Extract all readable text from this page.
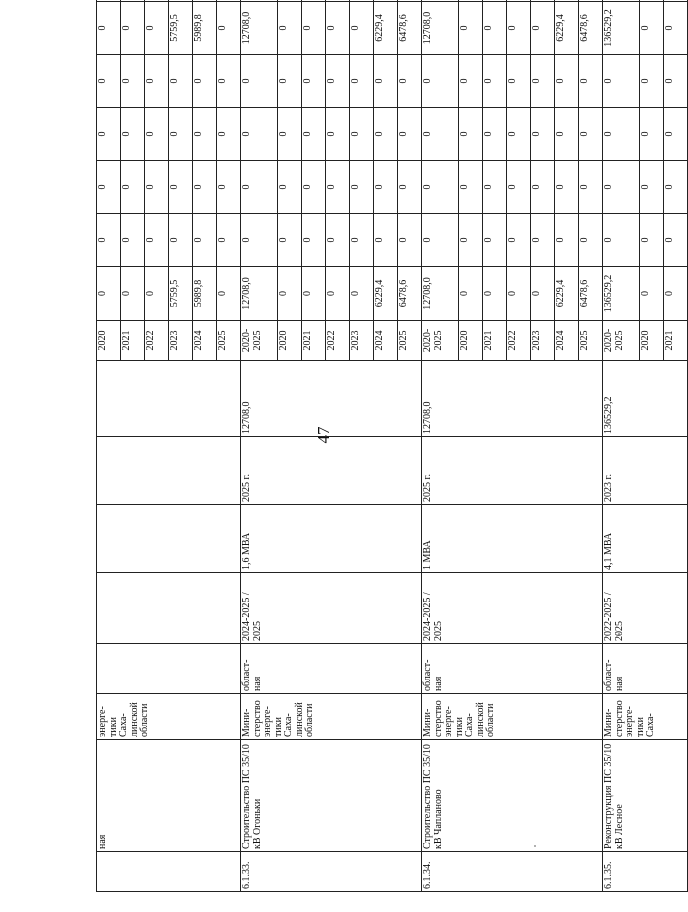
47
	ная	энерге-тики Саха-линской области						2020	0	0	0	0	0	0	
								2021	0	0	0	0	0	0	
								2022	0	0	0	0	0	0	
								2023	5759,5	0	0	0	0	5759,5	
								2024	5989,8	0	0	0	0	5989,8	
								2025	0	0	0	0	0	0	
6.1.33.	Строительство ПС 35/10 кВ Огоньки	Мини-стерство энерге-тики Саха-линской области	област-ная	2024-2025 / 2025	1,6 МВА	2025 г.	12708,0	2020-2025	12708,0	0	0	0	0	12708,0	
								2020	0	0	0	0	0	0	
								2021	0	0	0	0	0	0	
								2022	0	0	0	0	0	0	
								2023	0	0	0	0	0	0	
								2024	6229,4	0	0	0	0	6229,4	
								2025	6478,6	0	0	0	0	6478,6	
6.1.34.	Строительство ПС 35/10 кВ Чапланово	Мини-стерство энерге-тики Саха-линской области	област-ная	2024-2025 / 2025	1 МВА	2025 г.	12708,0	2020-2025	12708,0	0	0	0	0	12708,0	
								2020	0	0	0	0	0	0	
								2021	0	0	0	0	0	0	
								2022	0	0	0	0	0	0	
								2023	0	0	0	0	0	0	
								2024	6229,4	0	0	0	0	6229,4	
								2025	6478,6	0	0	0	0	6478,6	
6.1.35.	Реконструкция ПС 35/10 кВ Лесное	Мини-стерство энерге-тики Саха-	област-ная	2022-2025 / 2025	4,1 МВА	2023 г.	136529,2	2020-2025	136529,2	0	0	0	0	136529,2	
								2020	0	0	0	0	0	0	
								2021	0	0	0	0	0	0	
